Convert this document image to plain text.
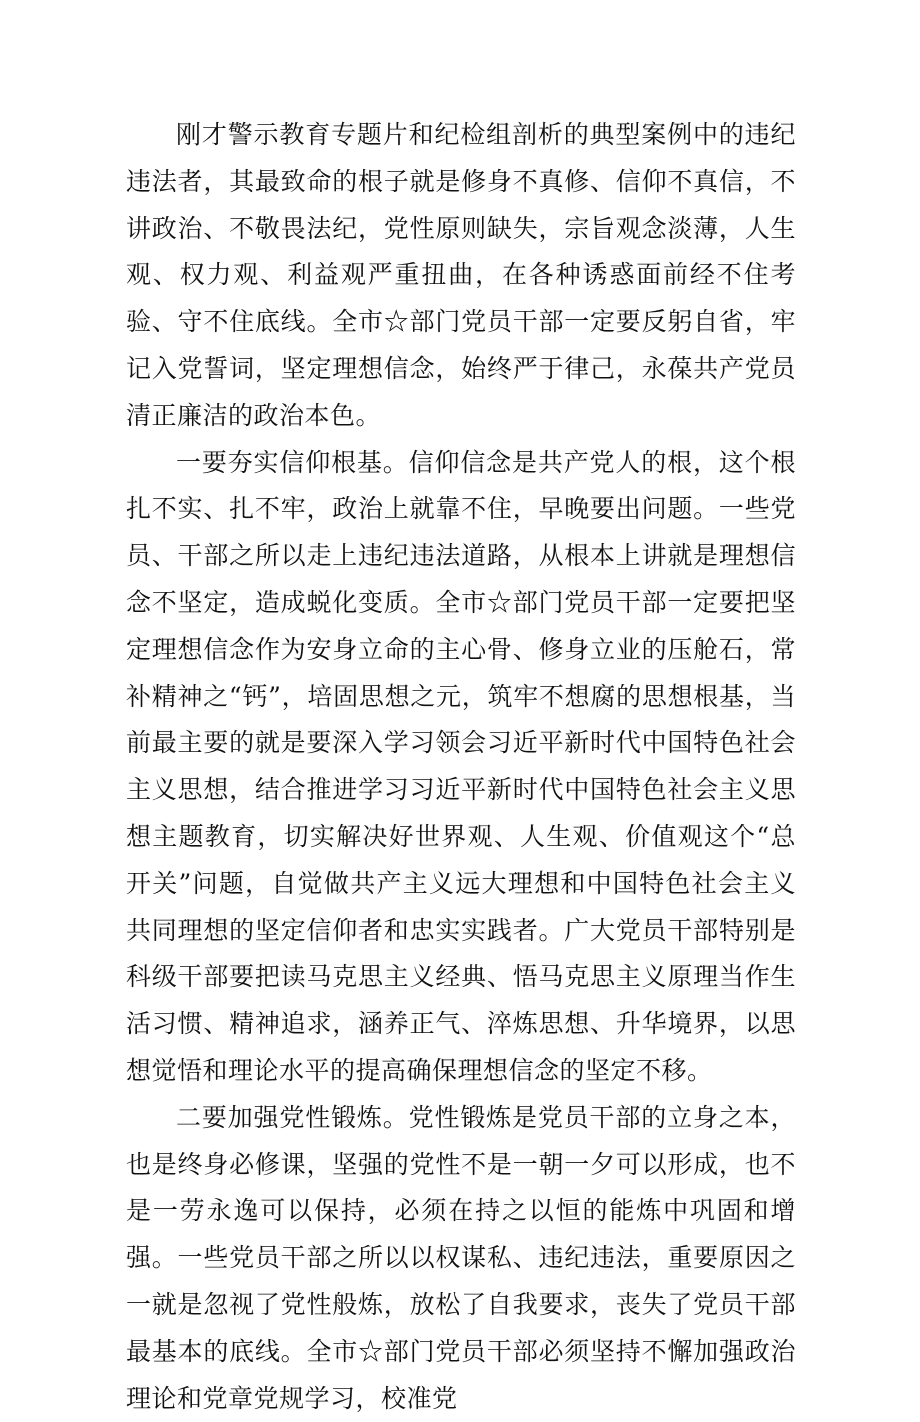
刚才警示教育专题片和纪检组剖析的典型案例中的违纪违法者，其最致命的根子就是修身不真修、信仰不真信，不讲政治、不敬畏法纪，党性原则缺失，宗旨观念淡薄，人生观、权力观、利益观严重扭曲，在各种诱惑面前经不住考验、守不住底线。全市☆部门党员干部一定要反躬自省，牢记入党誓词，坚定理想信念，始终严于律己，永葆共产党员清正廉洁的政治本色。

一要夯实信仰根基。信仰信念是共产党人的根，这个根扎不实、扎不牢，政治上就靠不住，早晚要出问题。一些党员、干部之所以走上违纪违法道路，从根本上讲就是理想信念不坚定，造成蜕化变质。全市☆部门党员干部一定要把坚定理想信念作为安身立命的主心骨、修身立业的压舱石，常补精神之“钙”，培固思想之元，筑牢不想腐的思想根基，当前最主要的就是要深入学习领会习近平新时代中国特色社会主义思想，结合推进学习习近平新时代中国特色社会主义思想主题教育，切实解决好世界观、人生观、价值观这个“总开关”问题，自觉做共产主义远大理想和中国特色社会主义共同理想的坚定信仰者和忠实实践者。广大党员干部特别是科级干部要把读马克思主义经典、悟马克思主义原理当作生活习惯、精神追求，涵养正气、淬炼思想、升华境界，以思想觉悟和理论水平的提高确保理想信念的坚定不移。

二要加强党性锻炼。党性锻炼是党员干部的立身之本，也是终身必修课，坚强的党性不是一朝一夕可以形成，也不是一劳永逸可以保持，必须在持之以恒的能炼中巩固和增强。一些党员干部之所以以权谋私、违纪违法，重要原因之一就是忽视了党性般炼，放松了自我要求，丧失了党员干部最基本的底线。全市☆部门党员干部必须坚持不懈加强政治理论和党章党规学习，校准党
